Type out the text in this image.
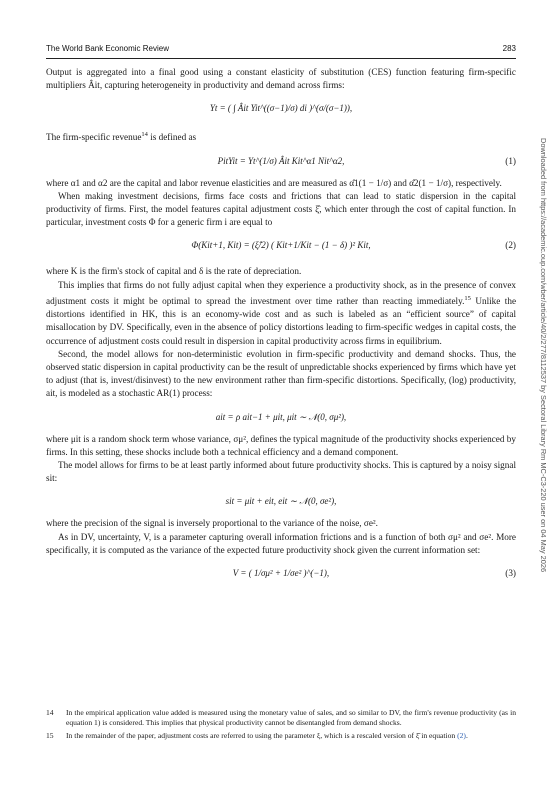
The World Bank Economic Review	283

Output is aggregated into a final good using a constant elasticity of substitution (CES) function featuring firm-specific multipliers Âit, capturing heterogeneity in productivity and demand across firms:

Yt = ( ∫ Âit Yit^((σ−1)/σ) di )^(σ/(σ−1)),

The firm-specific revenue$^{14}$ is defined as

PitYit = Yt^(1/σ) Âit Kit^α1 Nit^α2,	(1)

where α1 and α2 are the capital and labor revenue elasticities and are measured as α̂1(1 − 1/σ) and α̂2(1 − 1/σ), respectively.

When making investment decisions, firms face costs and frictions that can lead to static dispersion in the capital productivity of firms. First, the model features capital adjustment costs ξ̂, which enter through the cost of capital function. In particular, investment costs Φ for a generic firm i are equal to

Φ(Kit+1, Kit) = (ξ̂/2) ( Kit+1/Kit − (1 − δ) )² Kit,	(2)

where K is the firm's stock of capital and δ is the rate of depreciation.

This implies that firms do not fully adjust capital when they experience a productivity shock, as in the presence of convex adjustment costs it might be optimal to spread the investment over time rather than reacting immediately.$^{15}$ Unlike the distortions identified in HK, this is an economy-wide cost and as such is labeled as an “efficient source” of capital misallocation by DV. Specifically, even in the absence of policy distortions leading to firm-specific wedges in capital costs, the occurrence of adjustment costs could result in dispersion in capital productivity across firms in equilibrium.

Second, the model allows for non-deterministic evolution in firm-specific productivity and demand shocks. Thus, the observed static dispersion in capital productivity can be the result of unpredictable shocks experienced by firms which have yet to adjust (that is, invest/disinvest) to the new environment rather than firm-specific distortions. Specifically, (log) productivity, ait, is modeled as a stochastic AR(1) process:

ait = ρ ait−1 + μit, μit ∼ 𝒩(0, σμ²),

where μit is a random shock term whose variance, σμ², defines the typical magnitude of the productivity shocks experienced by firms. In this setting, these shocks include both a technical efficiency and a demand component.

The model allows for firms to be at least partly informed about future productivity shocks. This is captured by a noisy signal sit:

sit = μit + eit, eit ∼ 𝒩(0, σe²),

where the precision of the signal is inversely proportional to the variance of the noise, σe².

As in DV, uncertainty, V, is a parameter capturing overall information frictions and is a function of both σμ² and σe². More specifically, it is computed as the variance of the expected future productivity shock given the current information set:

V = ( 1/σμ² + 1/σe² )^(−1),	(3)
14 In the empirical application value added is measured using the monetary value of sales, and so similar to DV, the firm's revenue productivity (as in equation 1) is considered. This implies that physical productivity cannot be disentangled from demand shocks.
15 In the remainder of the paper, adjustment costs are referred to using the parameter ξ, which is a rescaled version of ξ̂ in equation (2).
Downloaded from https://academic.oup.com/wber/article/40/2/277/8112537 by Sectoral Library Rm MC-C3-220 user on 04 May 2026
